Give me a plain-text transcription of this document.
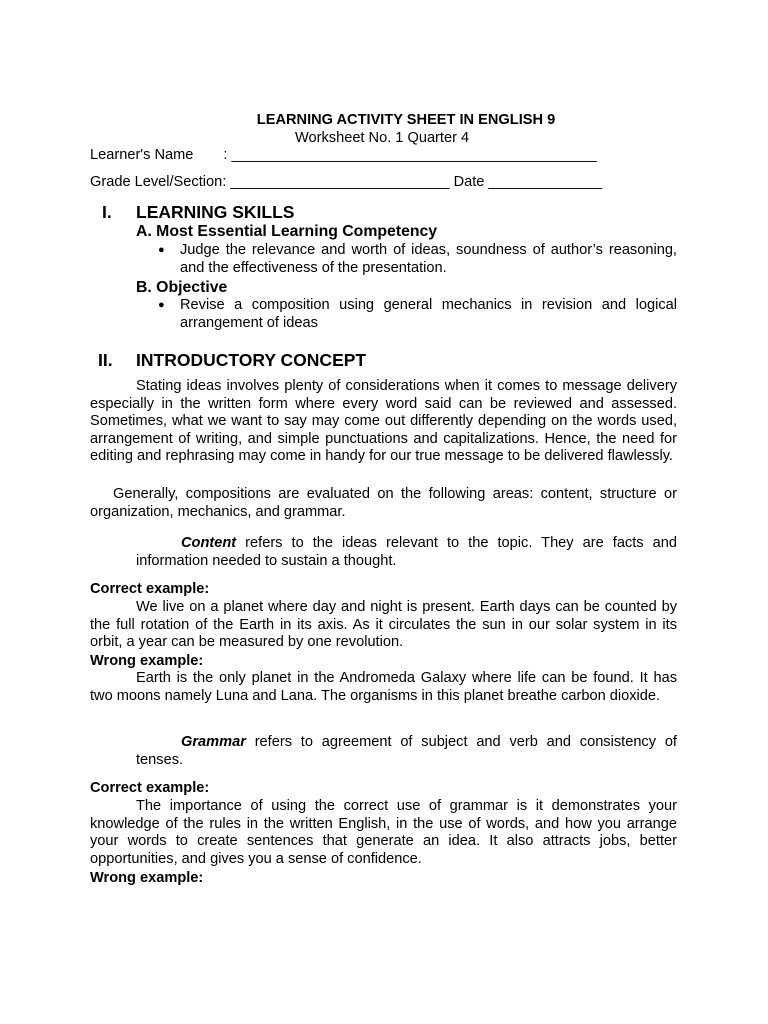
LEARNING ACTIVITY SHEET IN ENGLISH 9
Worksheet No. 1 Quarter 4
Learner's Name : _____________________________________________
Grade Level/Section: ___________________________ Date ______________
I. LEARNING SKILLS
A. Most Essential Learning Competency
● Judge the relevance and worth of ideas, soundness of author’s reasoning, and the effectiveness of the presentation.
B. Objective
● Revise a composition using general mechanics in revision and logical arrangement of ideas
II. INTRODUCTORY CONCEPT
Stating ideas involves plenty of considerations when it comes to message delivery especially in the written form where every word said can be reviewed and assessed. Sometimes, what we want to say may come out differently depending on the words used, arrangement of writing, and simple punctuations and capitalizations. Hence, the need for editing and rephrasing may come in handy for our true message to be delivered flawlessly.
Generally, compositions are evaluated on the following areas: content, structure or organization, mechanics, and grammar.
Content refers to the ideas relevant to the topic. They are facts and information needed to sustain a thought.
Correct example:
We live on a planet where day and night is present. Earth days can be counted by the full rotation of the Earth in its axis. As it circulates the sun in our solar system in its orbit, a year can be measured by one revolution.
Wrong example:
Earth is the only planet in the Andromeda Galaxy where life can be found. It has two moons namely Luna and Lana. The organisms in this planet breathe carbon dioxide.
Grammar refers to agreement of subject and verb and consistency of tenses.
Correct example:
The importance of using the correct use of grammar is it demonstrates your knowledge of the rules in the written English, in the use of words, and how you arrange your words to create sentences that generate an idea. It also attracts jobs, better opportunities, and gives you a sense of confidence.
Wrong example:
